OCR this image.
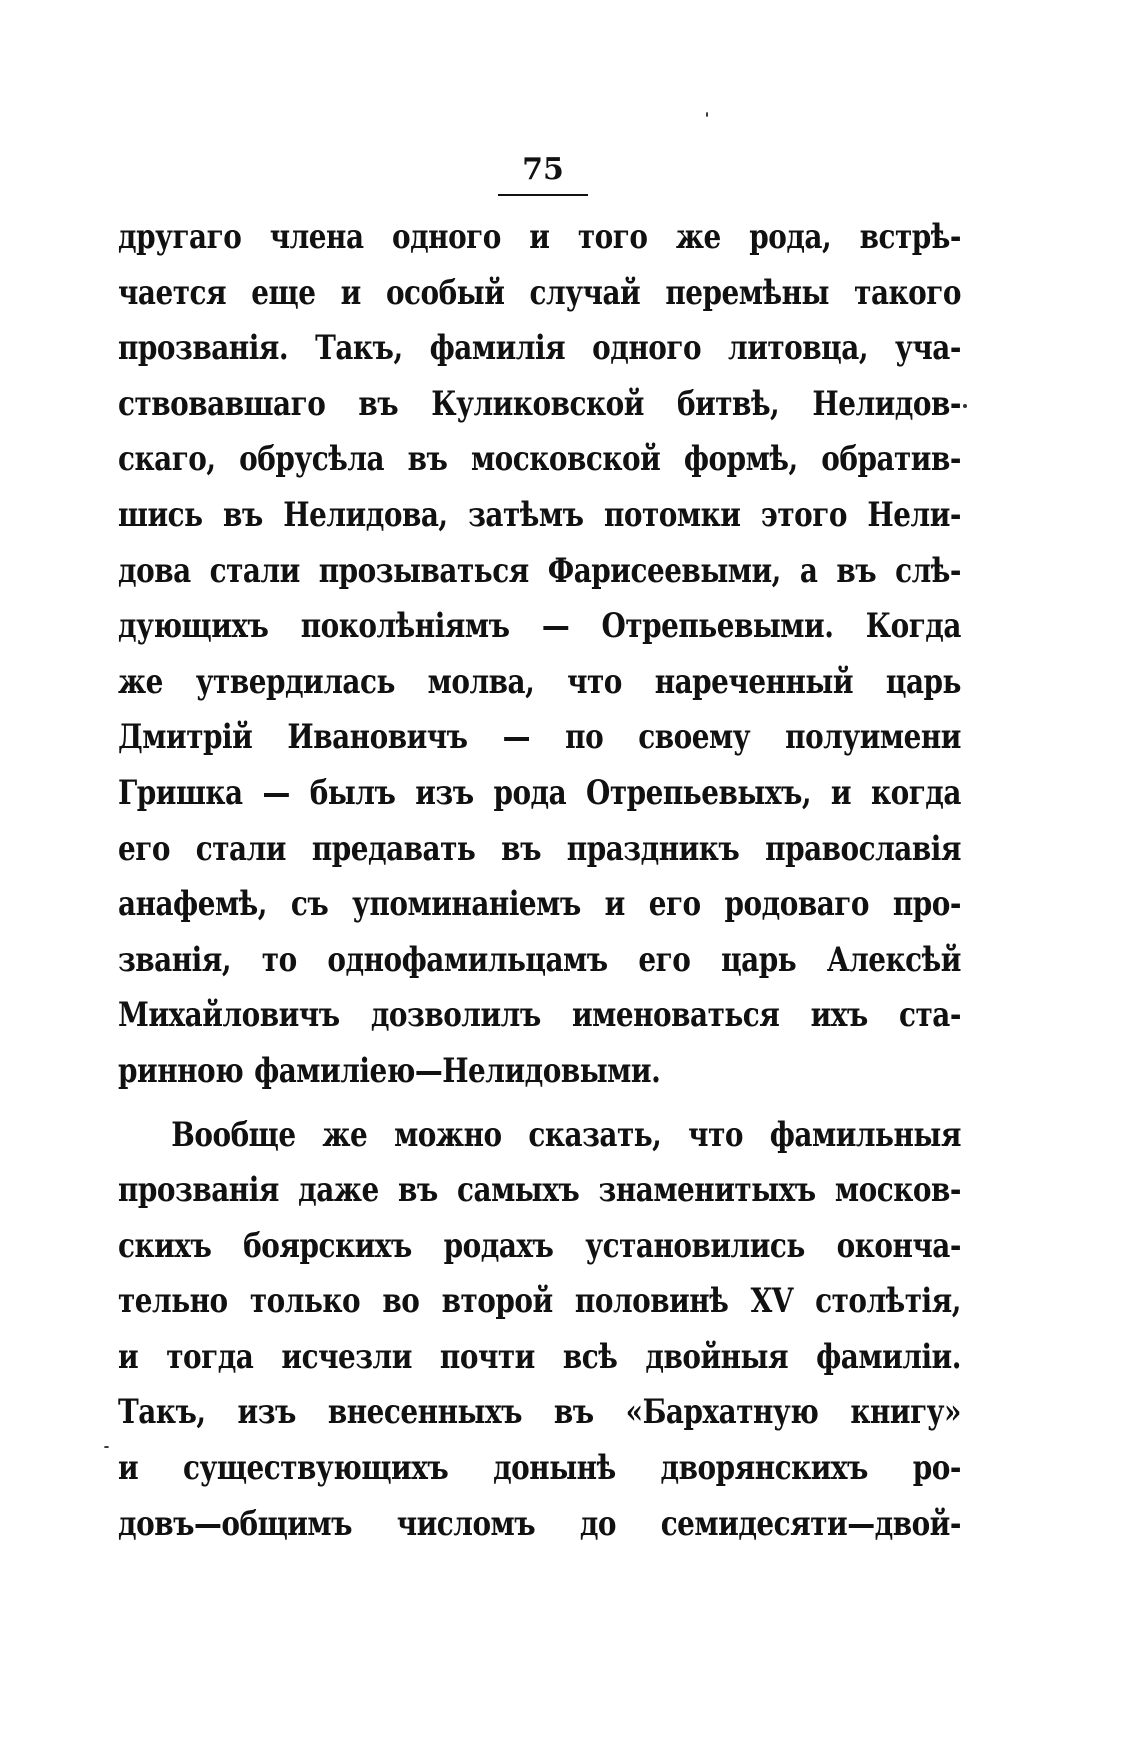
75
другаго члена одного и того же рода, встрѣ-
чается еще и особый случай перемѣны такого
прозванія. Такъ, фамилія одного литовца, уча-
ствовавшаго въ Куликовской битвѣ, Нелидов-
скаго, обрусѣла въ московской формѣ, обратив-
шись въ Нелидова, затѣмъ потомки этого Нели-
дова стали прозываться Фарисеевыми, а въ слѣ-
дующихъ поколѣніямъ — Отрепьевыми. Когда
же утвердилась молва, что нареченный царь
Дмитрій Ивановичъ — по своему полуимени
Гришка — былъ изъ рода Отрепьевыхъ, и когда
его стали предавать въ праздникъ православія
анафемѣ, съ упоминаніемъ и его родоваго про-
званія, то однофамильцамъ его царь Алексѣй
Михайловичъ дозволилъ именоваться ихъ ста-
ринною фамиліею—Нелидовыми.
Вообще же можно сказать, что фамильныя
прозванія даже въ самыхъ знаменитыхъ москов-
скихъ боярскихъ родахъ установились оконча-
тельно только во второй половинѣ XV столѣтія,
и тогда исчезли почти всѣ двойныя фамиліи.
Такъ, изъ внесенныхъ въ «Бархатную книгу»
и существующихъ донынѣ дворянскихъ ро-
довъ—общимъ числомъ до семидесяти—двой-
